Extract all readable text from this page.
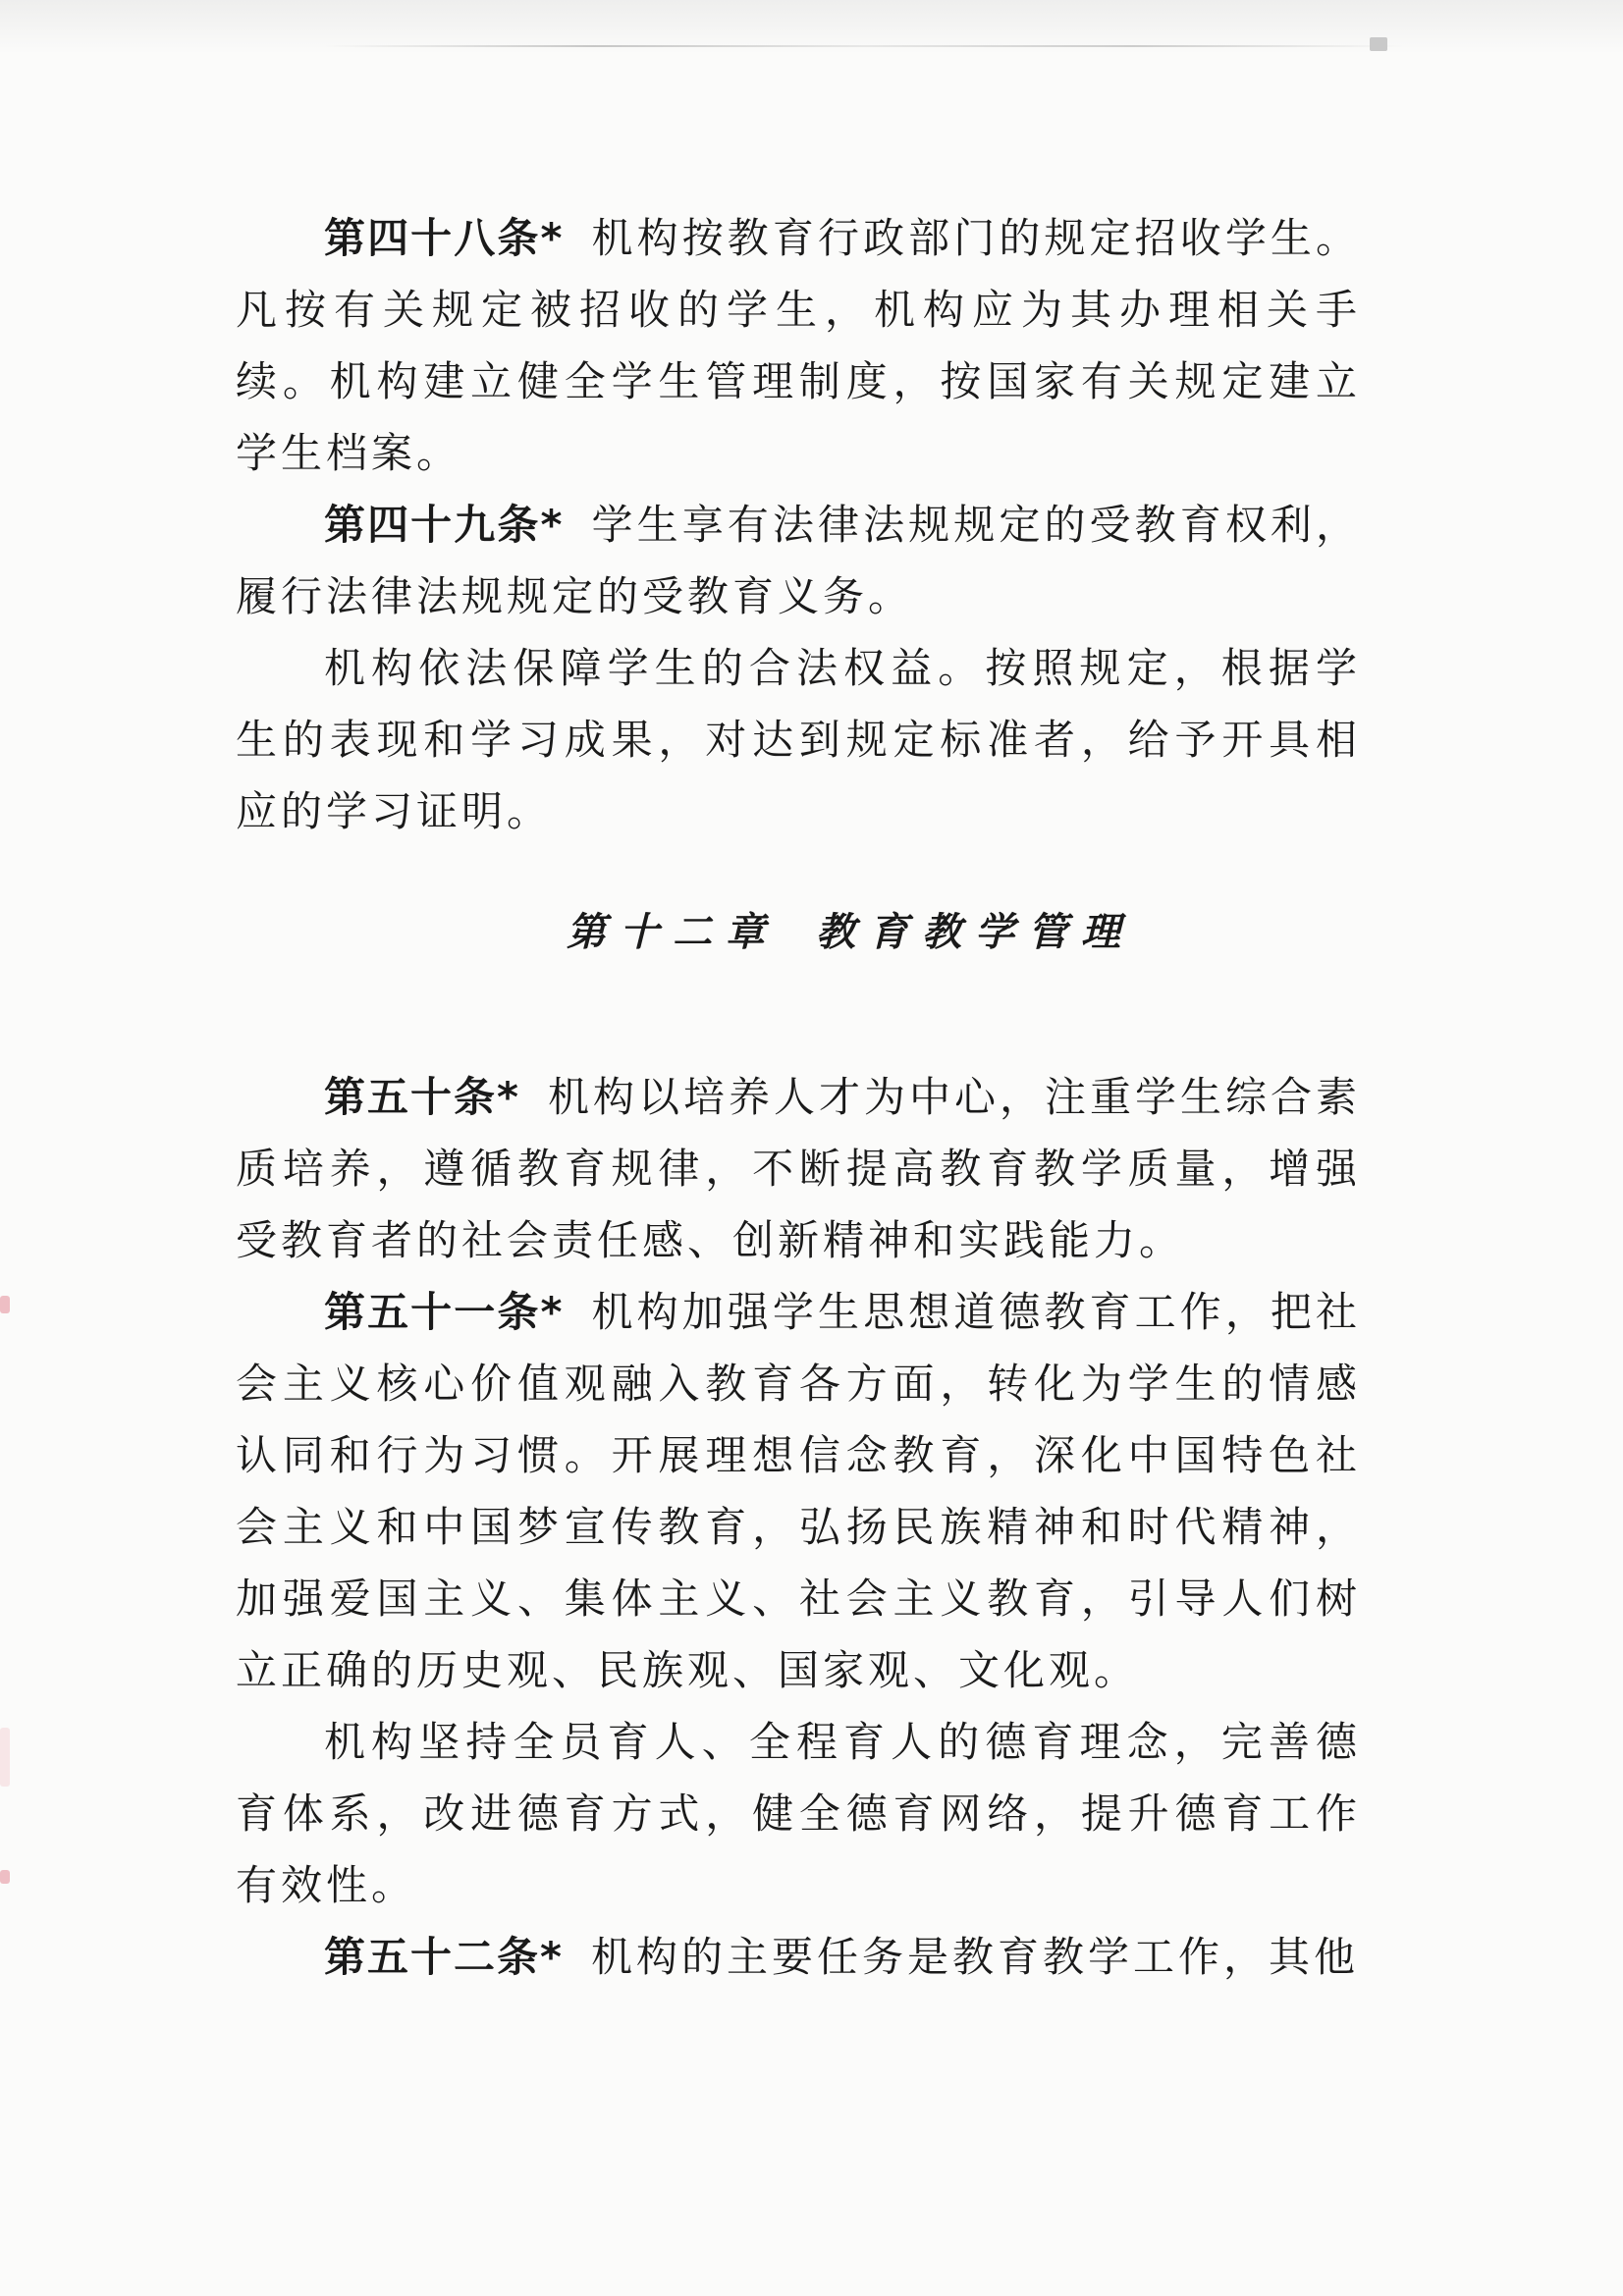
第四十八条* 机构按教育行政部门的规定招收学生。凡按有关规定被招收的学生，机构应为其办理相关手续。机构建立健全学生管理制度，按国家有关规定建立学生档案。

第四十九条* 学生享有法律法规规定的受教育权利，履行法律法规规定的受教育义务。

机构依法保障学生的合法权益。按照规定，根据学生的表现和学习成果，对达到规定标准者，给予开具相应的学习证明。

第十二章 教育教学管理

第五十条* 机构以培养人才为中心，注重学生综合素质培养，遵循教育规律，不断提高教育教学质量，增强受教育者的社会责任感、创新精神和实践能力。

第五十一条* 机构加强学生思想道德教育工作，把社会主义核心价值观融入教育各方面，转化为学生的情感认同和行为习惯。开展理想信念教育，深化中国特色社会主义和中国梦宣传教育，弘扬民族精神和时代精神，加强爱国主义、集体主义、社会主义教育，引导人们树立正确的历史观、民族观、国家观、文化观。

机构坚持全员育人、全程育人的德育理念，完善德育体系，改进德育方式，健全德育网络，提升德育工作有效性。

第五十二条* 机构的主要任务是教育教学工作，其他
